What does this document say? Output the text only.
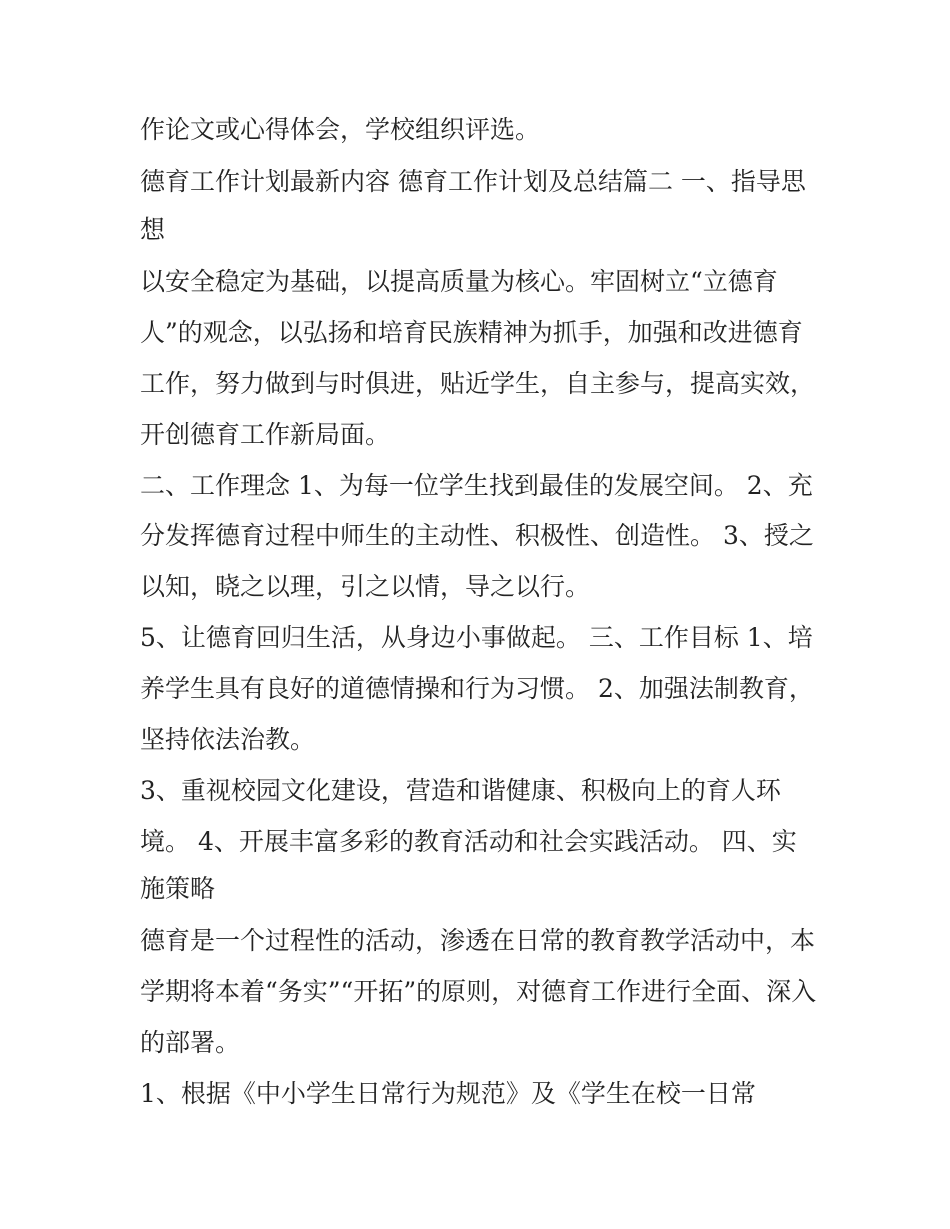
作论文或心得体会，学校组织评选。

德育工作计划最新内容 德育工作计划及总结篇二 一、指导思

想

以安全稳定为基础，以提高质量为核心。牢固树立“立德育

人”的观念，以弘扬和培育民族精神为抓手，加强和改进德育

工作，努力做到与时俱进，贴近学生，自主参与，提高实效，

开创德育工作新局面。

二、工作理念 1、为每一位学生找到最佳的发展空间。 2、充

分发挥德育过程中师生的主动性、积极性、创造性。 3、授之

以知，晓之以理，引之以情，导之以行。

5、让德育回归生活，从身边小事做起。 三、工作目标 1、培

养学生具有良好的道德情操和行为习惯。 2、加强法制教育，

坚持依法治教。

3、重视校园文化建设，营造和谐健康、积极向上的育人环

境。 4、开展丰富多彩的教育活动和社会实践活动。 四、实

施策略

德育是一个过程性的活动，渗透在日常的教育教学活动中，本

学期将本着“务实”“开拓”的原则，对德育工作进行全面、深入

的部署。

1、根据《中小学生日常行为规范》及《学生在校一日常
